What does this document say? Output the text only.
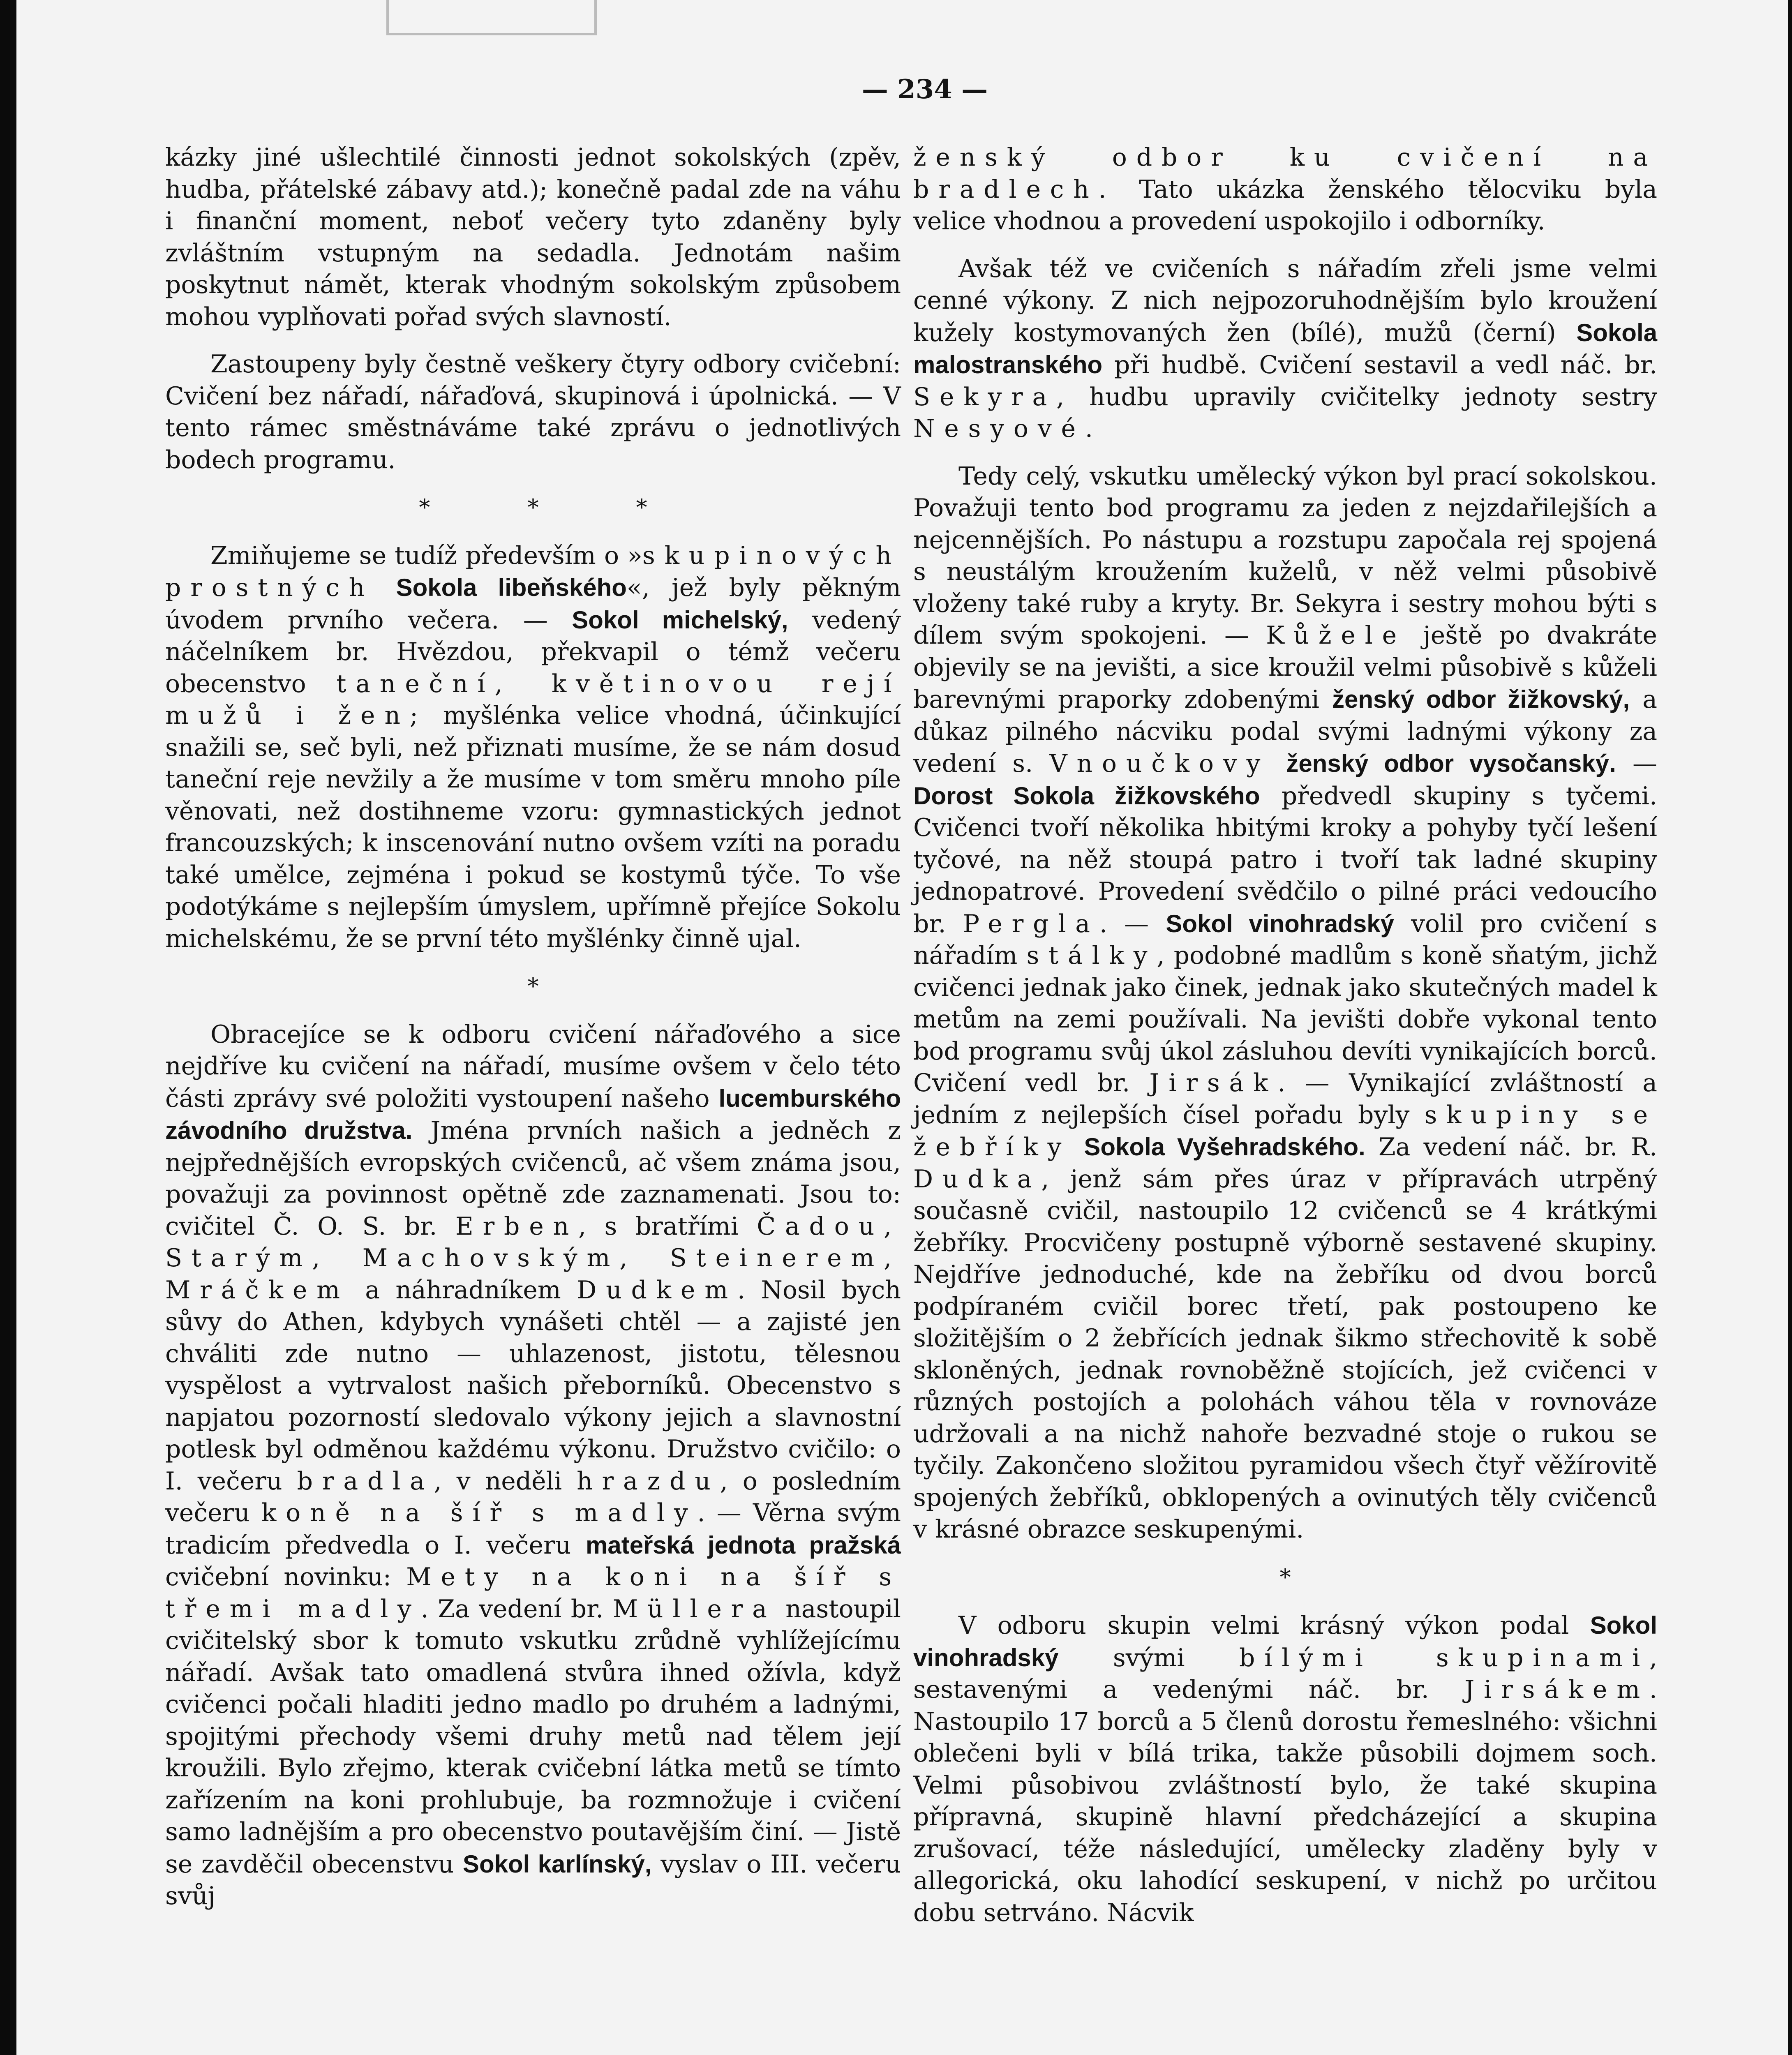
— 234 —

kázky jiné ušlechtilé činnosti jednot sokolských (zpěv, hudba, přátelské zábavy atd.); konečně padal zde na váhu i finanční moment, neboť večery tyto zdaněny byly zvláštním vstupným na sedadla. Jednotám našim poskytnut námět, kterak vhodným sokolským způsobem mohou vyplňovati pořad svých slavností.

Zastoupeny byly čestně veškery čtyry odbory cvičební: Cvičení bez nářadí, nářaďová, skupinová i úpolnická. — V tento rámec směstnáváme také zprávu o jednotlivých bodech programu.

* * *

Zmiňujeme se tudíž především o »skupinových prostných Sokola libeňského«, jež byly pěkným úvodem prvního večera. — Sokol michelský, vedený náčelníkem br. Hvězdou, překvapil o témž večeru obecenstvo taneční, květinovou rejí mužů i žen; myšlénka velice vhodná, účinkující snažili se, seč byli, než přiznati musíme, že se nám dosud taneční reje nevžily a že musíme v tom směru mnoho píle věnovati, než dostihneme vzoru: gymnastických jednot francouzských; k inscenování nutno ovšem vzíti na poradu také umělce, zejména i pokud se kostymů týče. To vše podotýkáme s nejlepším úmyslem, upřímně přejíce Sokolu michelskému, že se první této myšlénky činně ujal.

*

Obracejíce se k odboru cvičení nářaďového a sice nejdříve ku cvičení na nářadí, musíme ovšem v čelo této části zprávy své položiti vystoupení našeho lucemburského závodního družstva. Jména prvních našich a jedněch z nejpřednějších evropských cvičenců, ač všem známa jsou, považuji za povinnost opětně zde zaznamenati. Jsou to: cvičitel Č. O. S. br. Erben, s bratřími Čadou, Starým, Machovským, Steinerem, Mráčkem a náhradníkem Dudkem. Nosil bych sůvy do Athen, kdybych vynášeti chtěl — a zajisté jen chváliti zde nutno — uhlazenost, jistotu, tělesnou vyspělost a vytrvalost našich přeborníků. Obecenstvo s napjatou pozorností sledovalo výkony jejich a slavnostní potlesk byl odměnou každému výkonu. Družstvo cvičilo: o I. večeru bradla, v neděli hrazdu, o posledním večeru koně na šíř s madly. — Věrna svým tradicím předvedla o I. večeru mateřská jednota pražská cvičební novinku: Mety na koni na šíř s třemi madly. Za vedení br. Müllera nastoupil cvičitelský sbor k tomuto vskutku zrůdně vyhlížejícímu nářadí. Avšak tato omadlená stvůra ihned ožívla, když cvičenci počali hladiti jedno madlo po druhém a ladnými, spojitými přechody všemi druhy metů nad tělem její kroužili. Bylo zřejmo, kterak cvičební látka metů se tímto zařízením na koni prohlubuje, ba rozmnožuje i cvičení samo ladnějším a pro obecenstvo poutavějším činí. — Jistě se zavděčil obecenstvu Sokol karlínský, vyslav o III. večeru svůj

ženský odbor ku cvičení na bradlech. Tato ukázka ženského tělocviku byla velice vhodnou a provedení uspokojilo i odborníky.

Avšak též ve cvičeních s nářadím zřeli jsme velmi cenné výkony. Z nich nejpozoruhodnějším bylo kroužení kužely kostymovaných žen (bílé), mužů (černí) Sokola malostranského při hudbě. Cvičení sestavil a vedl náč. br. Sekyra, hudbu upravily cvičitelky jednoty sestry Nesyové.

Tedy celý, vskutku umělecký výkon byl prací sokolskou. Považuji tento bod programu za jeden z nejzdařilejších a nejcennějších. Po nástupu a rozstupu započala rej spojená s neustálým kroužením kuželů, v něž velmi působivě vloženy také ruby a kryty. Br. Sekyra i sestry mohou býti s dílem svým spokojeni. — Kůžele ještě po dvakráte objevily se na jevišti, a sice kroužil velmi působivě s kůželi barevnými praporky zdobenými ženský odbor žižkovský, a důkaz pilného nácviku podal svými ladnými výkony za vedení s. Vnoučkovy ženský odbor vysočanský. — Dorost Sokola žižkovského předvedl skupiny s tyčemi. Cvičenci tvoří několika hbitými kroky a pohyby tyčí lešení tyčové, na něž stoupá patro i tvoří tak ladné skupiny jednopatrové. Provedení svědčilo o pilné práci vedoucího br. Pergla. — Sokol vinohradský volil pro cvičení s nářadím stálky, podobné madlům s koně sňatým, jichž cvičenci jednak jako činek, jednak jako skutečných madel k metům na zemi používali. Na jevišti dobře vykonal tento bod programu svůj úkol zásluhou devíti vynikajících borců. Cvičení vedl br. Jirsák. — Vynikající zvláštností a jedním z nejlepších čísel pořadu byly skupiny se žebříky Sokola Vyšehradského. Za vedení náč. br. R. Dudka, jenž sám přes úraz v přípravách utrpěný současně cvičil, nastoupilo 12 cvičenců se 4 krátkými žebříky. Procvičeny postupně výborně sestavené skupiny. Nejdříve jednoduché, kde na žebříku od dvou borců podpíraném cvičil borec třetí, pak postoupeno ke složitějším o 2 žebřících jednak šikmo střechovitě k sobě skloněných, jednak rovnoběžně stojících, jež cvičenci v různých postojích a polohách váhou těla v rovnováze udržovali a na nichž nahoře bezvadné stoje o rukou se tyčily. Zakončeno složitou pyramidou všech čtyř věžírovitě spojených žebříků, obklopených a ovinutých těly cvičenců v krásné obrazce seskupenými.

*

V odboru skupin velmi krásný výkon podal Sokol vinohradský svými bílými skupinami, sestavenými a vedenými náč. br. Jirsákem. Nastoupilo 17 borců a 5 členů dorostu řemeslného: všichni oblečeni byli v bílá trika, takže působili dojmem soch. Velmi působivou zvláštností bylo, že také skupina přípravná, skupině hlavní předcházející a skupina zrušovací, téže následující, umělecky zladěny byly v allegorická, oku lahodící seskupení, v nichž po určitou dobu setrváno. Nácvik
